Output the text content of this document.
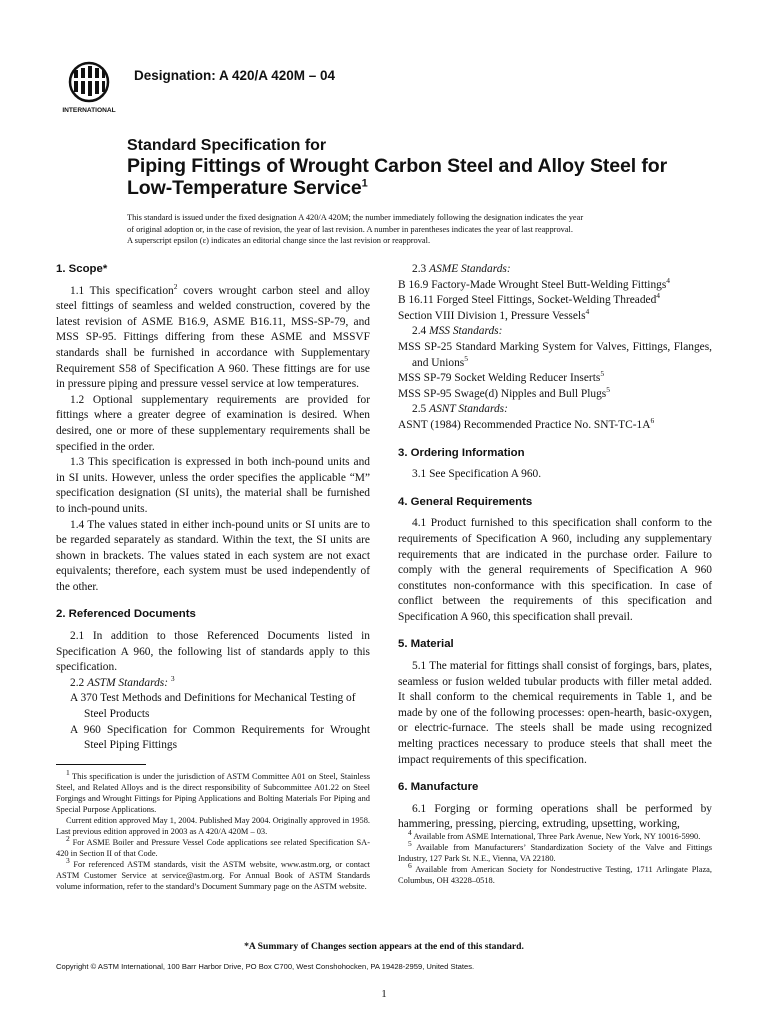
INTERNATIONAL
Designation: A 420/A 420M – 04
Standard Specification for
Piping Fittings of Wrought Carbon Steel and Alloy Steel for
Low-Temperature Service$^1$
This standard is issued under the fixed designation A 420/A 420M; the number immediately following the designation indicates the year
of original adoption or, in the case of revision, the year of last revision. A number in parentheses indicates the year of last reapproval.
A superscript epsilon (ε) indicates an editorial change since the last revision or reapproval.

1. Scope*

1.1 This specification$^2$ covers wrought carbon steel and alloy steel fittings of seamless and welded construction, covered by the latest revision of ASME B16.9, ASME B16.11, MSS-SP-79, and MSS SP-95. Fittings differing from these ASME and MSSVF standards shall be furnished in accordance with Supplementary Requirement S58 of Specification A 960. These fittings are for use in pressure piping and pressure vessel service at low temperatures.

1.2 Optional supplementary requirements are provided for fittings where a greater degree of examination is desired. When desired, one or more of these supplementary requirements shall be specified in the order.

1.3 This specification is expressed in both inch-pound units and in SI units. However, unless the order specifies the applicable “M” specification designation (SI units), the material shall be furnished to inch-pound units.

1.4 The values stated in either inch-pound units or SI units are to be regarded separately as standard. Within the text, the SI units are shown in brackets. The values stated in each system are not exact equivalents; therefore, each system must be used independently of the other.

2. Referenced Documents

2.1 In addition to those Referenced Documents listed in Specification A 960, the following list of standards apply to this specification.

2.2 ASTM Standards: $^3$

A 370 Test Methods and Definitions for Mechanical Testing of Steel Products

A 960 Specification for Common Requirements for Wrought Steel Piping Fittings

2.3 ASME Standards:

B 16.9 Factory-Made Wrought Steel Butt-Welding Fittings$^4$

B 16.11 Forged Steel Fittings, Socket-Welding Threaded$^4$

Section VIII Division 1, Pressure Vessels$^4$

2.4 MSS Standards:

MSS SP-25 Standard Marking System for Valves, Fittings, Flanges, and Unions$^5$

MSS SP-79 Socket Welding Reducer Inserts$^5$

MSS SP-95 Swage(d) Nipples and Bull Plugs$^5$

2.5 ASNT Standards:

ASNT (1984) Recommended Practice No. SNT-$TC-1A^6$

3. Ordering Information

3.1 See Specification A 960.

4. General Requirements

4.1 Product furnished to this specification shall conform to the requirements of Specification A 960, including any supplementary requirements that are indicated in the purchase order. Failure to comply with the general requirements of Specification A 960 constitutes non-conformance with this specification. In case of conflict between the requirements of this specification and Specification A 960, this specification shall prevail.

5. Material

5.1 The material for fittings shall consist of forgings, bars, plates, seamless or fusion welded tubular products with filler metal added. It shall conform to the chemical requirements in Table 1, and be made by one of the following processes: open-hearth, basic-oxygen, or electric-furnace. The steels shall be made using recognized melting practices necessary to produce steels that shall meet the impact requirements of this specification.

6. Manufacture

6.1 Forging or forming operations shall be performed by hammering, pressing, piercing, extruding, upsetting, working,

$^1$ This specification is under the jurisdiction of ASTM Committee A01 on Steel, Stainless Steel, and Related Alloys and is the direct responsibility of Subcommittee A01.22 on Steel Forgings and Wrought Fittings for Piping Applications and Bolting Materials For Piping and Special Purpose Applications.

Current edition approved May 1, 2004. Published May 2004. Originally approved in 1958. Last previous edition approved in 2003 as A 420/A 420M – 03.

$^2$ For ASME Boiler and Pressure Vessel Code applications see related Specification SA-420 in Section II of that Code.

$^3$ For referenced ASTM standards, visit the ASTM website, www.astm.org, or contact ASTM Customer Service at service@astm.org. For Annual Book of ASTM Standards volume information, refer to the standard’s Document Summary page on the ASTM website.

$^4$ Available from ASME International, Three Park Avenue, New York, NY 10016-5990.

$^5$ Available from Manufacturers’ Standardization Society of the Valve and Fittings Industry, 127 Park St. N.E., Vienna, VA 22180.

$^6$ Available from American Society for Nondestructive Testing, 1711 Arlingate Plaza, Columbus, OH 43228–0518.

*A Summary of Changes section appears at the end of this standard.
Copyright © ASTM International, 100 Barr Harbor Drive, PO Box C700, West Conshohocken, PA 19428-2959, United States.
1
